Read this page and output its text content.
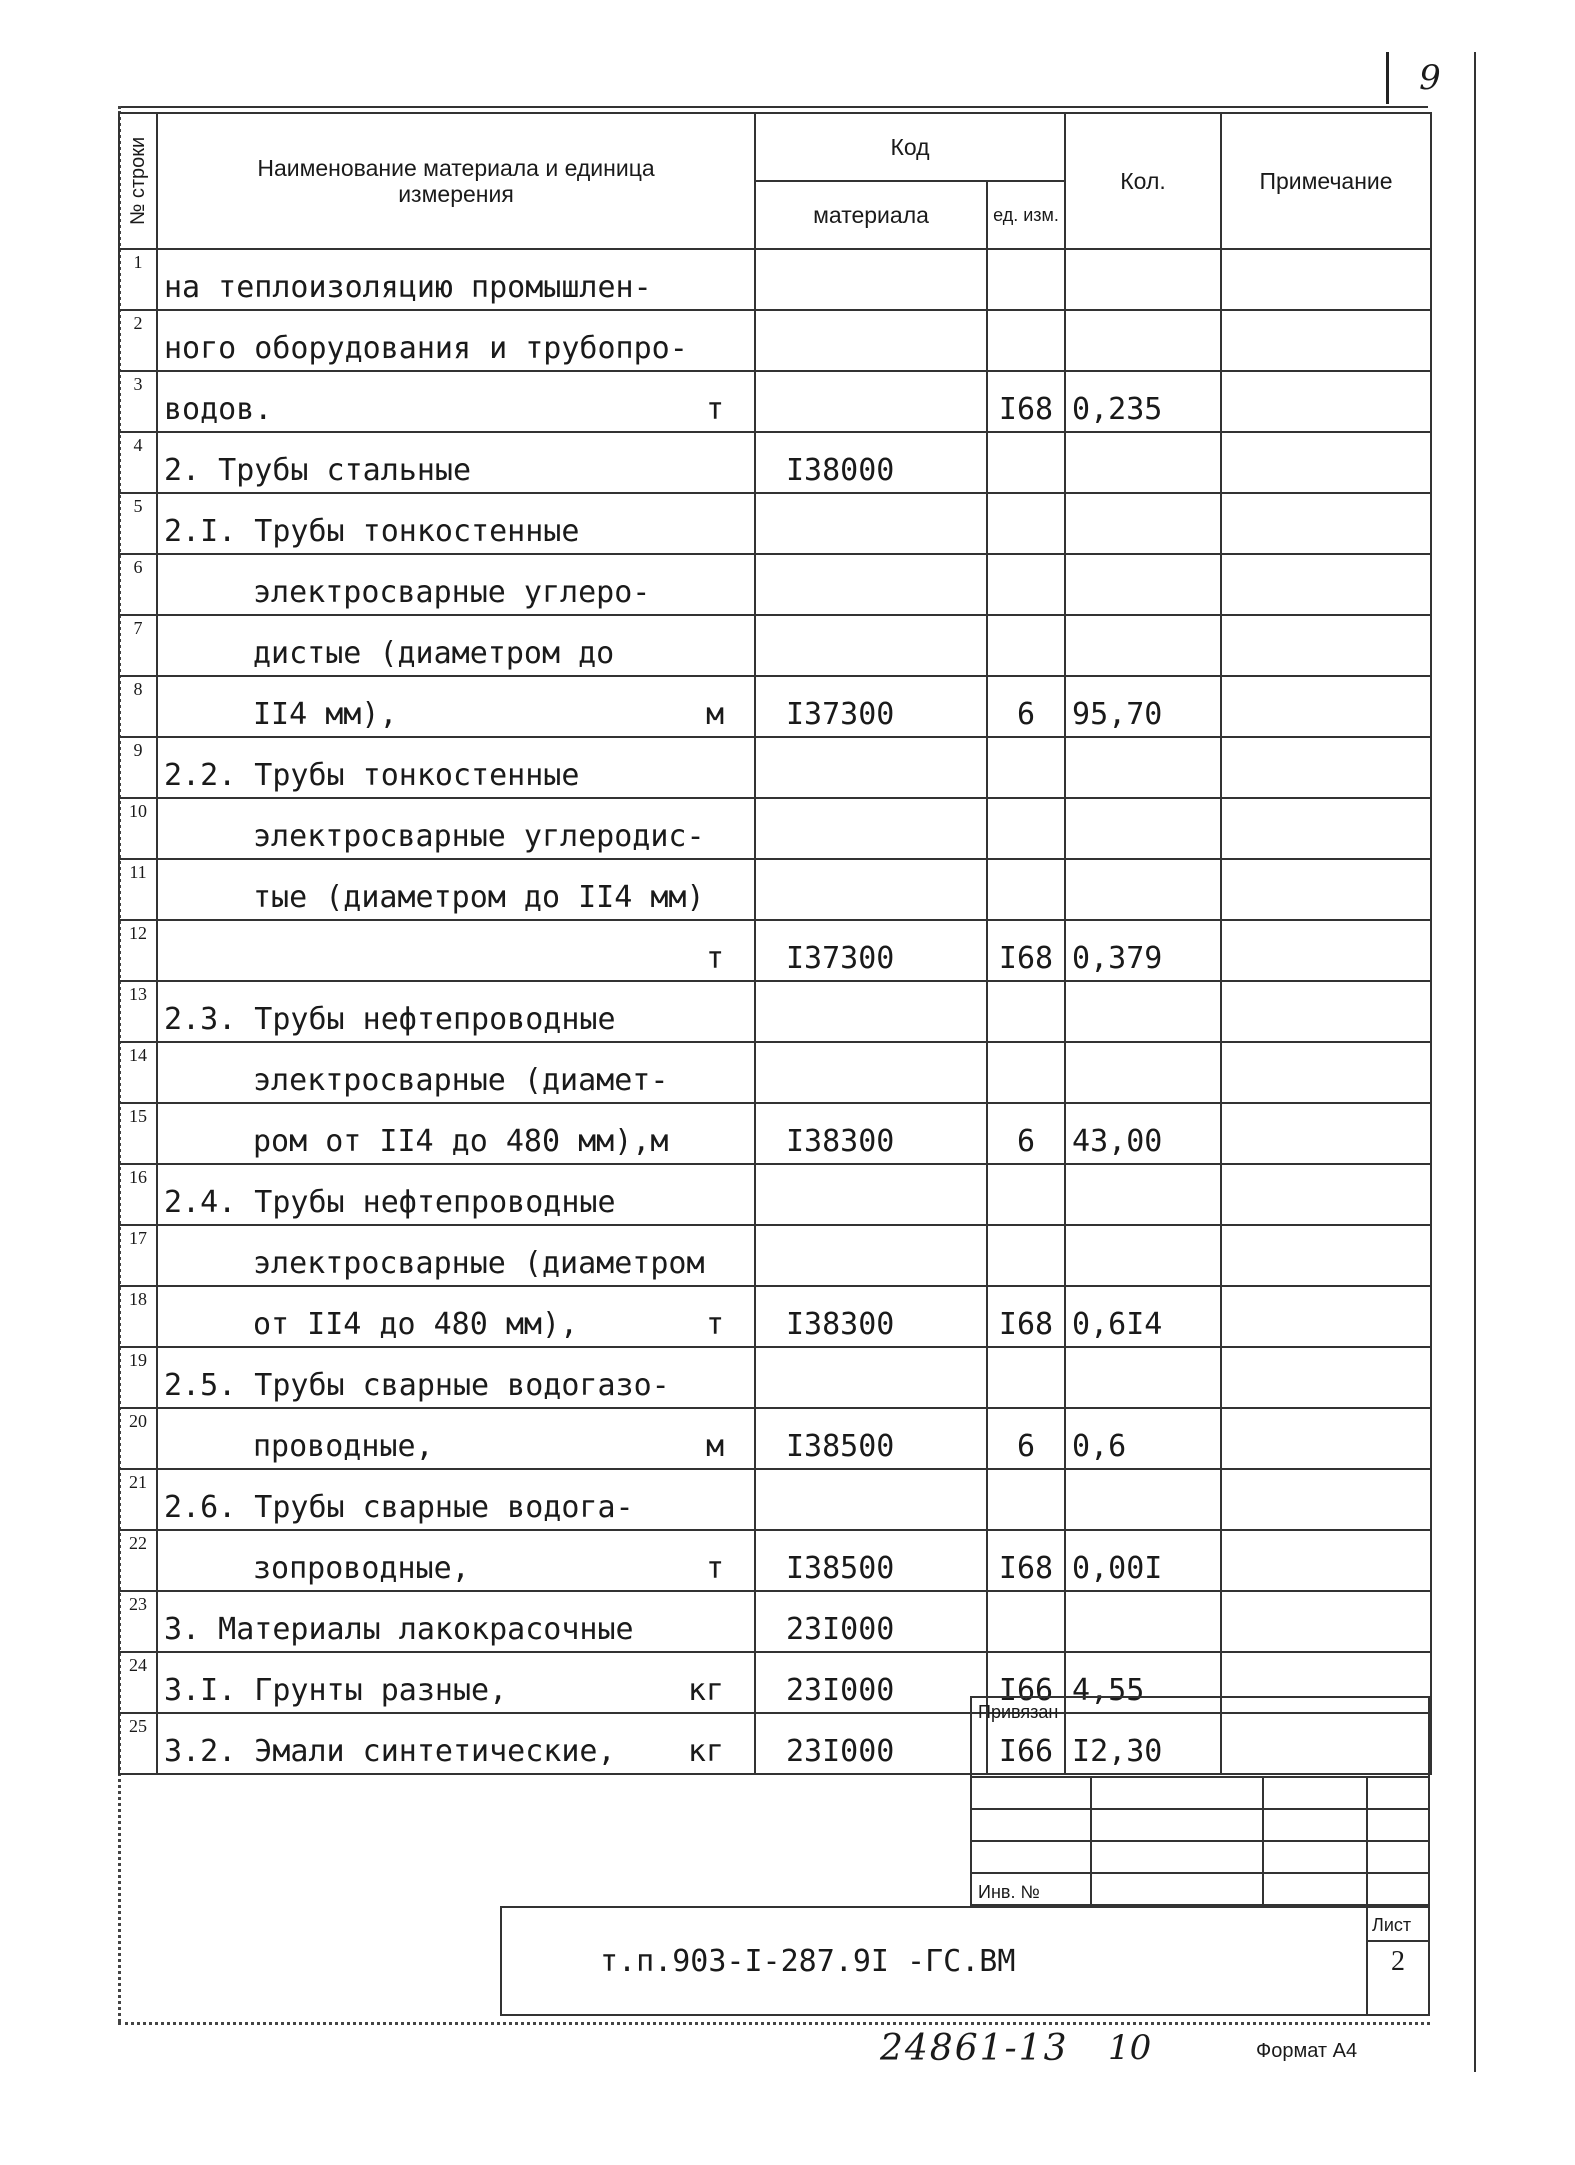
9
№ строки	Наименование материала и единица измерения	Код		Кол.	Примечание
		материала	ед. изм.		
1	на теплоизоляцию промышлен-				

2	ного оборудования и трубопро-				

3	водов. т		I68	0,235	
4	2. Трубы стальные	I38000			
5	2.I. Трубы тонкостенные				

6	электросварные углеро-				

7	дистые (диаметром до				

8	II4 мм), м	I37300	6	95,70	
9	2.2. Трубы тонкостенные				

10	электросварные углеродис-				

11	тые (диаметром до II4 мм)				

12	т	I37300	I68	0,379	
13	2.3. Трубы нефтепроводные				

14	электросварные (диамет-				

15	ром от II4 до 480 мм),м	I38300	6	43,00	
16	2.4. Трубы нефтепроводные				

17	электросварные (диаметром				

18	от II4 до 480 мм), т	I38300	I68	0,6I4	
19	2.5. Трубы сварные водогазо-				

20	проводные, м	I38500	6	0,6	
21	2.6. Трубы сварные водога-				

22	зопроводные, т	I38500	I68	0,00I	
23	3. Материалы лакокрасочные	23I000			
24	3.I. Грунты разные, кг	23I000	I66	4,55	
25	3.2. Эмали синтетические, кг	23I000	I66	I2,30	
Привязан
Инв. №
Лист
2
т.п.903-I-287.9I -ГС.ВМ
24861-13 10	Формат А4
